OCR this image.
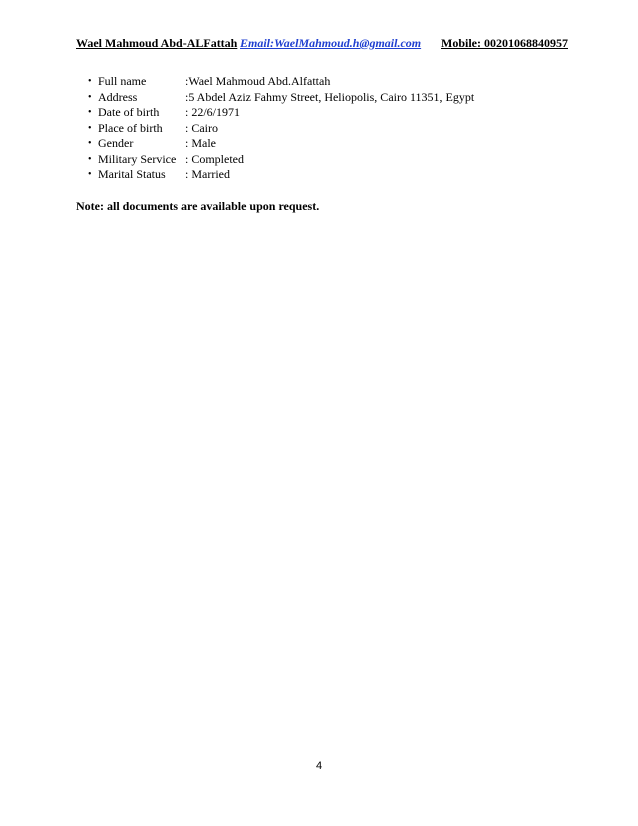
Wael Mahmoud Abd-ALFattah Email:WaelMahmoud.h@gmail.com Mobile: 00201068840957
• Full name	:Wael Mahmoud Abd.Alfattah
• Address	:5 Abdel Aziz Fahmy Street, Heliopolis, Cairo 11351, Egypt
• Date of birth : 22/6/1971
• Place of birth : Cairo
• Gender	: Male
• Military Service : Completed
• Marital Status : Married
Note: all documents are available upon request.
4
